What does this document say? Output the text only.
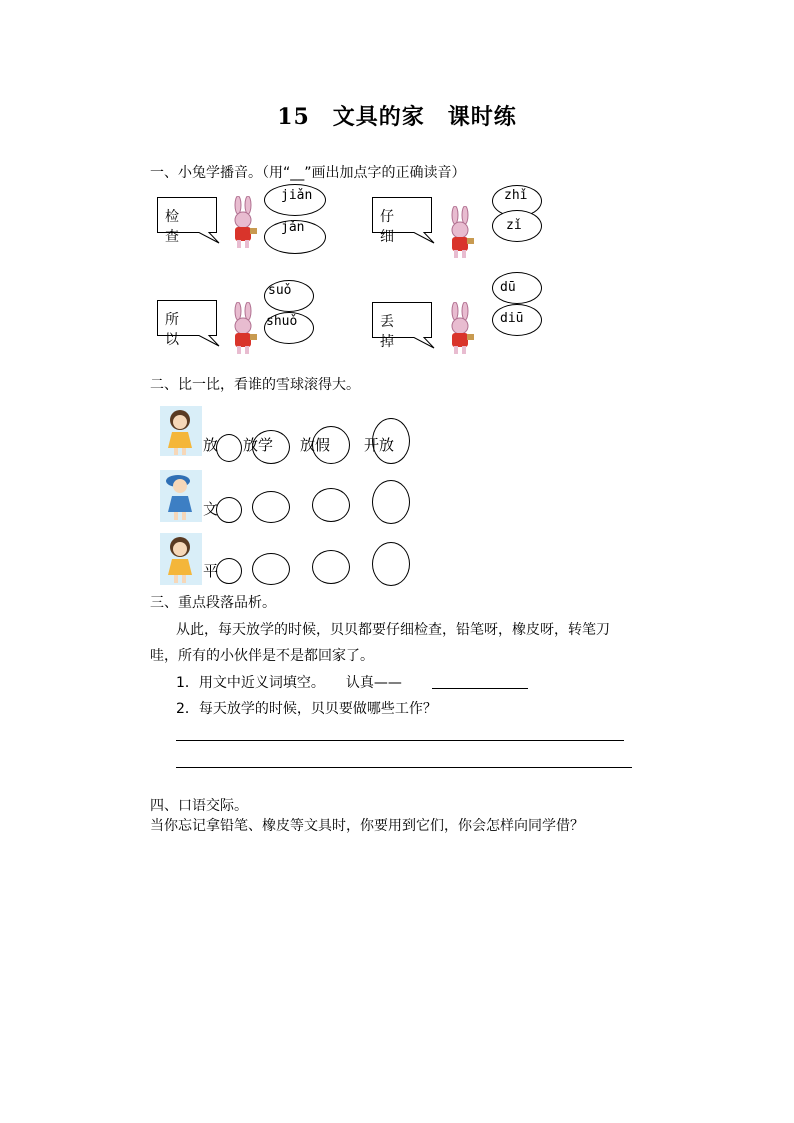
15　文具的家　课时练
一、小兔学播音。（用“__”画出加点字的正确读音）
检查
jiǎn
jǎn
仔细
zhǐ
zǐ
所以
suǒ
shuǒ	丢掉
dū
diū
二、比一比，看谁的雪球滚得大。
放 放学 放假 开放
文
平
三、重点段落品析。
从此，每天放学的时候，贝贝都要仔细检查，铅笔呀，橡皮呀，转笔刀
哇，所有的小伙伴是不是都回家了。
1．用文中近义词填空。　　认真——
2．每天放学的时候，贝贝要做哪些工作？
四、口语交际。
当你忘记拿铅笔、橡皮等文具时，你要用到它们，你会怎样向同学借？
